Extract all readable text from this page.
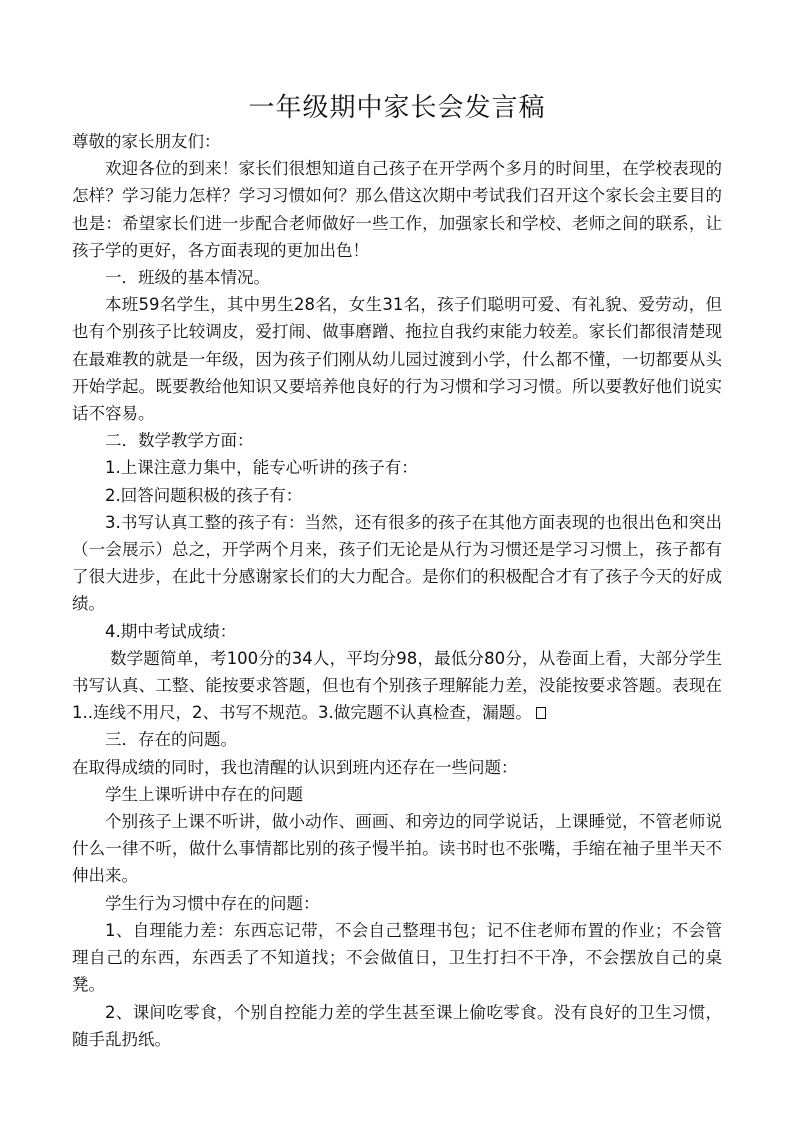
一年级期中家长会发言稿

尊敬的家长朋友们：

欢迎各位的到来！家长们很想知道自己孩子在开学两个多月的时间里，在学校表现的怎样？学习能力怎样？学习习惯如何？那么借这次期中考试我们召开这个家长会主要目的也是：希望家长们进一步配合老师做好一些工作，加强家长和学校、老师之间的联系，让孩子学的更好，各方面表现的更加出色！

一．班级的基本情况。

本班59名学生，其中男生28名，女生31名，孩子们聪明可爱、有礼貌、爱劳动，但也有个别孩子比较调皮，爱打闹、做事磨蹭、拖拉自我约束能力较差。家长们都很清楚现在最难教的就是一年级，因为孩子们刚从幼儿园过渡到小学，什么都不懂，一切都要从头开始学起。既要教给他知识又要培养他良好的行为习惯和学习习惯。所以要教好他们说实话不容易。

二．数学教学方面：

1.上课注意力集中，能专心听讲的孩子有：

2.回答问题积极的孩子有：

3.书写认真工整的孩子有：当然，还有很多的孩子在其他方面表现的也很出色和突出（一会展示）总之，开学两个月来，孩子们无论是从行为习惯还是学习习惯上，孩子都有了很大进步，在此十分感谢家长们的大力配合。是你们的积极配合才有了孩子今天的好成绩。

4.期中考试成绩：

数学题简单，考100分的34人，平均分98，最低分80分，从卷面上看，大部分学生书写认真、工整、能按要求答题，但也有个别孩子理解能力差，没能按要求答题。表现在1..连线不用尺，2、书写不规范。3.做完题不认真检查，漏题。

三．存在的问题。

在取得成绩的同时，我也清醒的认识到班内还存在一些问题：

学生上课听讲中存在的问题

个别孩子上课不听讲，做小动作、画画、和旁边的同学说话，上课睡觉，不管老师说什么一律不听，做什么事情都比别的孩子慢半拍。读书时也不张嘴，手缩在袖子里半天不伸出来。

学生行为习惯中存在的问题：

1、自理能力差：东西忘记带，不会自己整理书包；记不住老师布置的作业；不会管理自己的东西，东西丢了不知道找；不会做值日，卫生打扫不干净，不会摆放自己的桌凳。

2、课间吃零食，个别自控能力差的学生甚至课上偷吃零食。没有良好的卫生习惯，随手乱扔纸。
